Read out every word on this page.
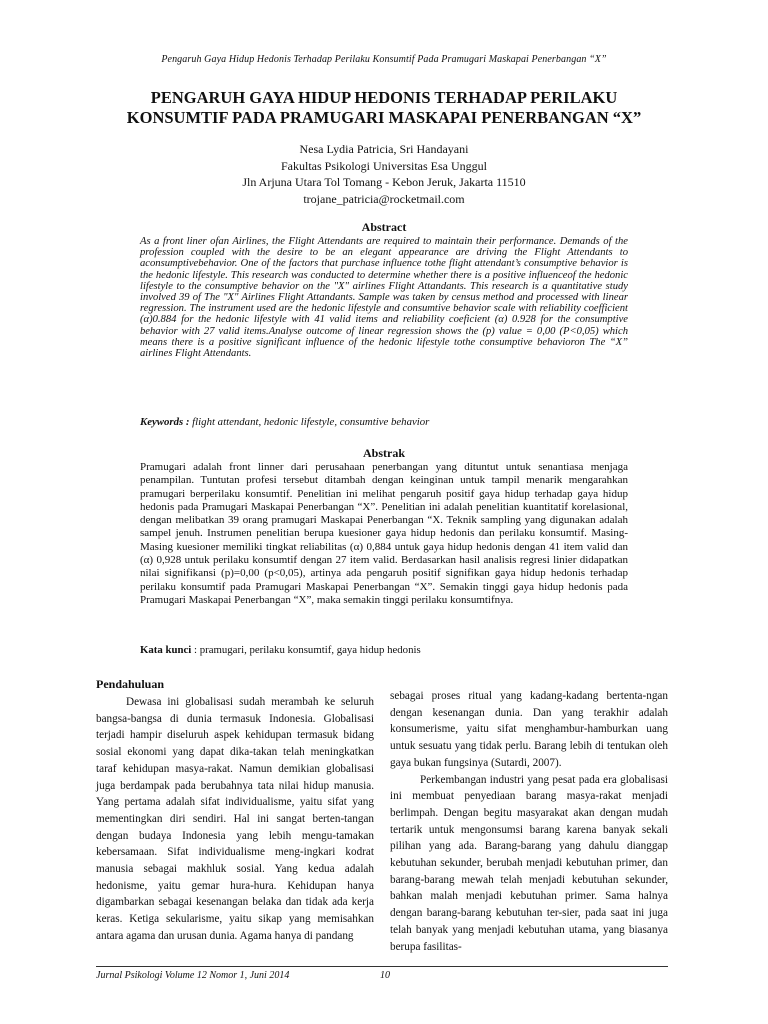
Pengaruh Gaya Hidup Hedonis Terhadap Perilaku Konsumtif Pada Pramugari Maskapai Penerbangan “X”
PENGARUH GAYA HIDUP HEDONIS TERHADAP PERILAKU
KONSUMTIF PADA PRAMUGARI MASKAPAI PENERBANGAN “X”
Nesa Lydia Patricia, Sri Handayani
Fakultas Psikologi Universitas Esa Unggul
Jln Arjuna Utara Tol Tomang - Kebon Jeruk, Jakarta 11510
trojane_patricia@rocketmail.com
Abstract
As a front liner ofan Airlines, the Flight Attendants are required to maintain their performance. Demands of the profession coupled with the desire to be an elegant appearance are driving the Flight Attendants to aconsumptivebehavior. One of the factors that purchase influence tothe flight attendant’s consumptive behavior is the hedonic lifestyle. This research was conducted to determine whether there is a positive influenceof the hedonic lifestyle to the consumptive behavior on the "X" airlines Flight Attandants. This research is a quantitative study involved 39 of The "X" Airlines Flight Attandants. Sample was taken by census method and processed with linear regression. The instrument used are the hedonic lifestyle and consumtive behavior scale with reliability coefficient (α)0.884 for the hedonic lifestyle with 41 valid items and reliability coeficient (α) 0.928 for the consumptive behavior with 27 valid items.Analyse outcome of linear regression shows the (p) value = 0,00 (P<0,05) which means there is a positive significant influence of the hedonic lifestyle tothe consumptive behavioron The “X” airlines Flight Attendants.
Keywords : flight attendant, hedonic lifestyle, consumtive behavior
Abstrak
Pramugari adalah front linner dari perusahaan penerbangan yang dituntut untuk senantiasa menjaga penampilan. Tuntutan profesi tersebut ditambah dengan keinginan untuk tampil menarik mengarahkan pramugari berperilaku konsumtif. Penelitian ini melihat pengaruh positif gaya hidup terhadap gaya hidup hedonis pada Pramugari Maskapai Penerbangan “X”. Penelitian ini adalah penelitian kuantitatif korelasional, dengan melibatkan 39 orang pramugari Maskapai Penerbangan “X. Teknik sampling yang digunakan adalah sampel jenuh. Instrumen penelitian berupa kuesioner gaya hidup hedonis dan perilaku konsumtif. Masing-Masing kuesioner memiliki tingkat reliabilitas (α) 0,884 untuk gaya hidup hedonis dengan 41 item valid dan (α) 0,928 untuk perilaku konsumtif dengan 27 item valid. Berdasarkan hasil analisis regresi linier didapatkan nilai signifikansi (p)=0,00 (p<0,05), artinya ada pengaruh positif signifikan gaya hidup hedonis terhadap perilaku konsumtif pada Pramugari Maskapai Penerbangan “X”. Semakin tinggi gaya hidup hedonis pada Pramugari Maskapai Penerbangan “X”, maka semakin tinggi perilaku konsumtifnya.
Kata kunci : pramugari, perilaku konsumtif, gaya hidup hedonis
Pendahuluan

Dewasa ini globalisasi sudah merambah ke seluruh bangsa-bangsa di dunia termasuk Indonesia. Globalisasi terjadi hampir diseluruh aspek kehidupan termasuk bidang sosial ekonomi yang dapat dika-takan telah meningkatkan taraf kehidupan masya-rakat. Namun demikian globalisasi juga berdampak pada berubahnya tata nilai hidup manusia. Yang pertama adalah sifat individualisme, yaitu sifat yang mementingkan diri sendiri. Hal ini sangat berten-tangan dengan budaya Indonesia yang lebih mengu-tamakan kebersamaan. Sifat individualisme meng-ingkari kodrat manusia sebagai makhluk sosial. Yang kedua adalah hedonisme, yaitu gemar hura-hura. Kehidupan hanya digambarkan sebagai kesenangan belaka dan tidak ada kerja keras. Ketiga sekularisme, yaitu sikap yang memisahkan antara agama dan urusan dunia. Agama hanya di pandang

sebagai proses ritual yang kadang-kadang bertenta-ngan dengan kesenangan dunia. Dan yang terakhir adalah konsumerisme, yaitu sifat menghambur-hamburkan uang untuk sesuatu yang tidak perlu. Barang lebih di tentukan oleh gaya bukan fungsinya (Sutardi, 2007).

Perkembangan industri yang pesat pada era globalisasi ini membuat penyediaan barang masya-rakat menjadi berlimpah. Dengan begitu masyarakat akan dengan mudah tertarik untuk mengonsumsi barang karena banyak sekali pilihan yang ada. Barang-barang yang dahulu dianggap kebutuhan sekunder, berubah menjadi kebutuhan primer, dan barang-barang mewah telah menjadi kebutuhan sekunder, bahkan malah menjadi kebutuhan primer. Sama halnya dengan barang-barang kebutuhan ter-sier, pada saat ini juga telah banyak yang menjadi kebutuhan utama, yang biasanya berupa fasilitas-

Jurnal Psikologi Volume 12 Nomor 1, Juni 2014	10
